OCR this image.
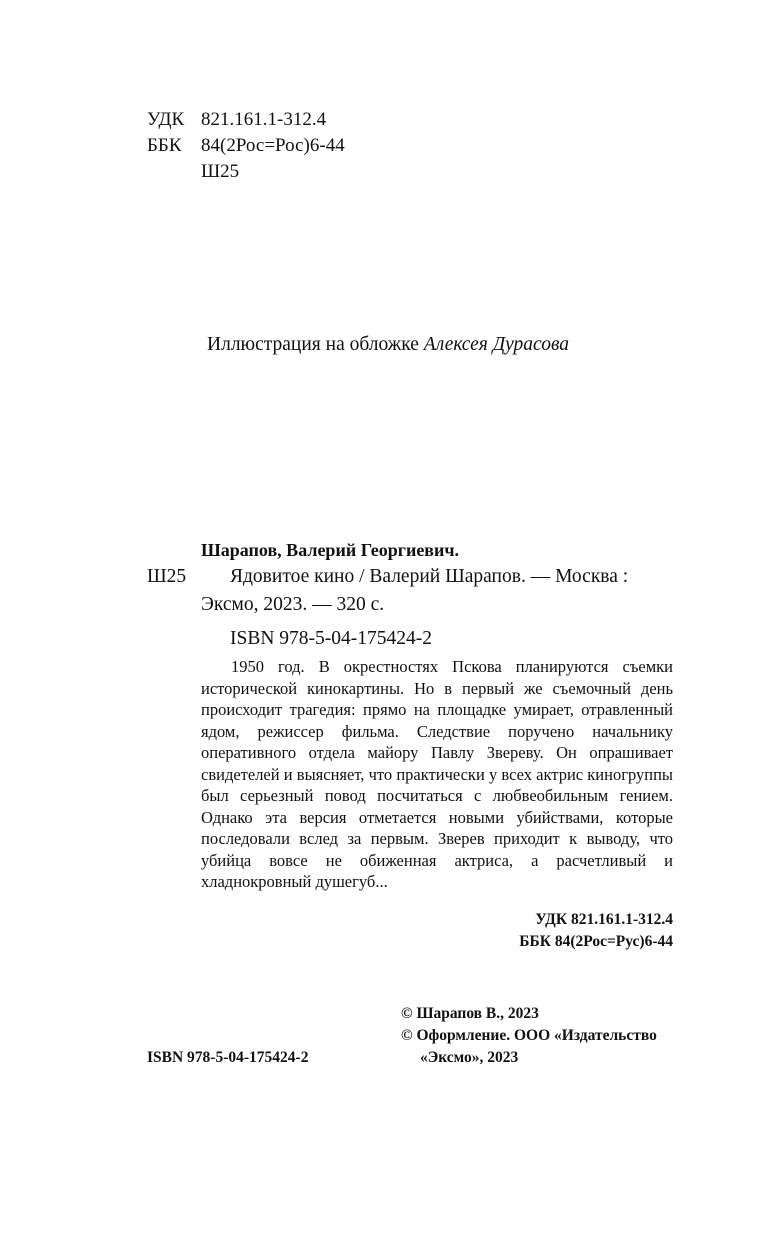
УДК 821.161.1-312.4
ББК 84(2Рос=Рос)6-44
Ш25
Иллюстрация на обложке Алексея Дурасова
Шарапов, Валерий Георгиевич.
Ш25 Ядовитое кино / Валерий Шарапов. — Москва :
Эксмо, 2023. — 320 с.
ISBN 978-5-04-175424-2

1950 год. В окрестностях Пскова планируются съемки исторической кинокартины. Но в первый же съемочный день происходит трагедия: прямо на площадке умирает, отравленный ядом, режиссер фильма. Следствие поручено начальнику оперативного отдела майору Павлу Звереву. Он опрашивает свидетелей и выясняет, что практически у всех актрис киногруппы был серьезный повод посчитаться с любвеобильным гением. Однако эта версия отметается новыми убийствами, которые последовали вслед за первым. Зверев приходит к выводу, что убийца вовсе не обиженная актриса, а расчетливый и хладнокровный душегуб...

УДК 821.161.1-312.4
ББК 84(2Рос=Рус)6-44
ISBN 978-5-04-175424-2
© Шарапов В., 2023
© Оформление. ООО «Издательство
«Эксмо», 2023
